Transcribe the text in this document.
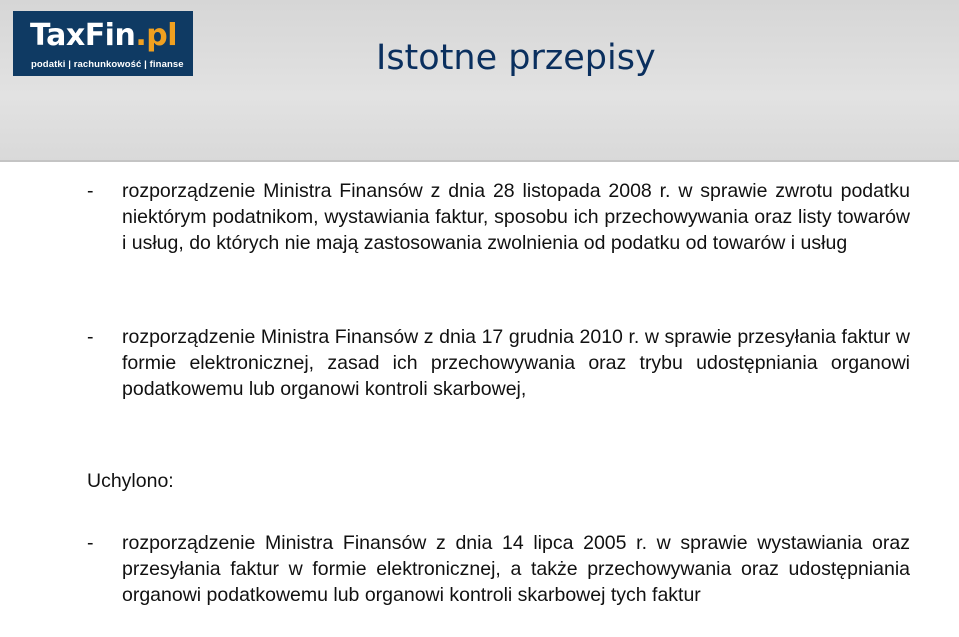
TaxFin.pl
podatki | rachunkowość | finanse	Istotne przepisy
- rozporządzenie Ministra Finansów z dnia 28 listopada 2008 r. w sprawie zwrotu podatku niektórym podatnikom, wystawiania faktur, sposobu ich przechowywania oraz listy towarów i usług, do których nie mają zastosowania zwolnienia od podatku od towarów i usług
- rozporządzenie Ministra Finansów z dnia 17 grudnia 2010 r. w sprawie przesyłania faktur w formie elektronicznej, zasad ich przechowywania oraz trybu udostępniania organowi podatkowemu lub organowi kontroli skarbowej,
Uchylono:
- rozporządzenie Ministra Finansów z dnia 14 lipca 2005 r. w sprawie wystawiania oraz przesyłania faktur w formie elektronicznej, a także przechowywania oraz udostępniania organowi podatkowemu lub organowi kontroli skarbowej tych faktur
